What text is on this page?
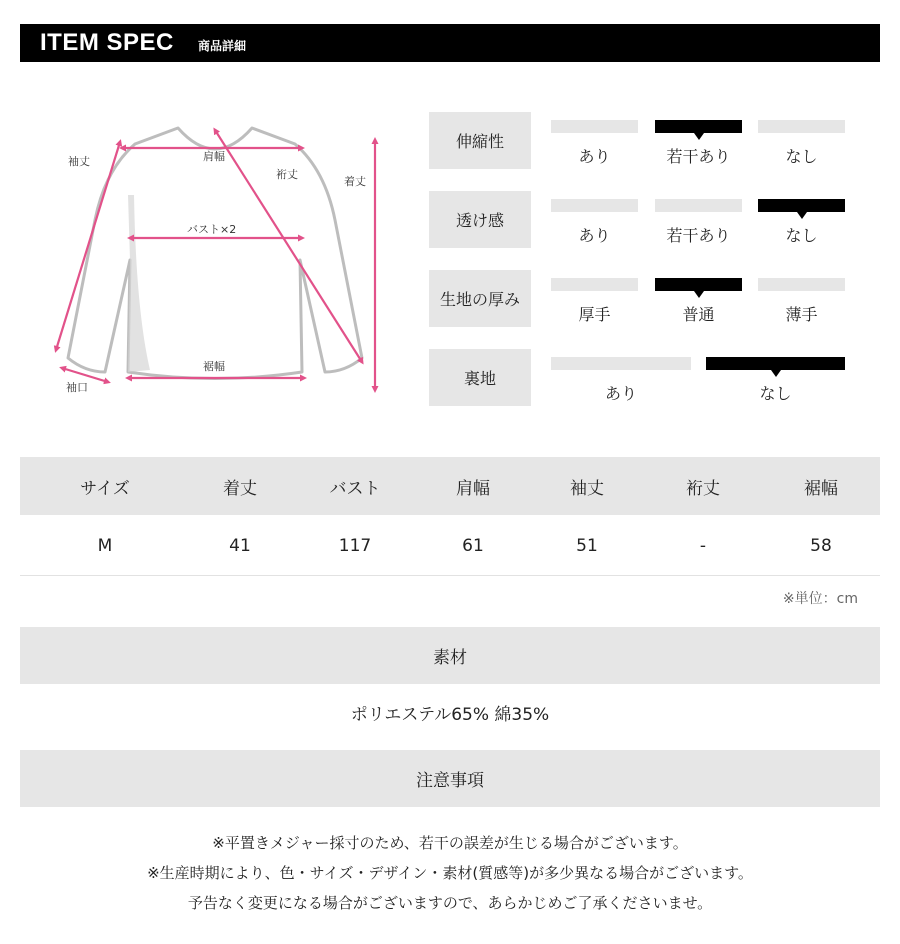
ITEM SPEC 商品詳細
肩幅
袖丈
裄丈
着丈
バスト×2
裾幅
袖口
伸縮性
あり	若干あり	なし
透け感
あり	若干あり	なし
生地の厚み
厚手	普通	薄手
裏地
あり	なし
サイズ	着丈	バスト	肩幅	袖丈	裄丈	裾幅
M	41	117	61	51	-	58
※単位：cm
素材
ポリエステル65% 綿35%
注意事項
※平置きメジャー採寸のため、若干の誤差が生じる場合がございます。
※生産時期により、色・サイズ・デザイン・素材(質感等)が多少異なる場合がございます。
予告なく変更になる場合がございますので、あらかじめご了承くださいませ。
